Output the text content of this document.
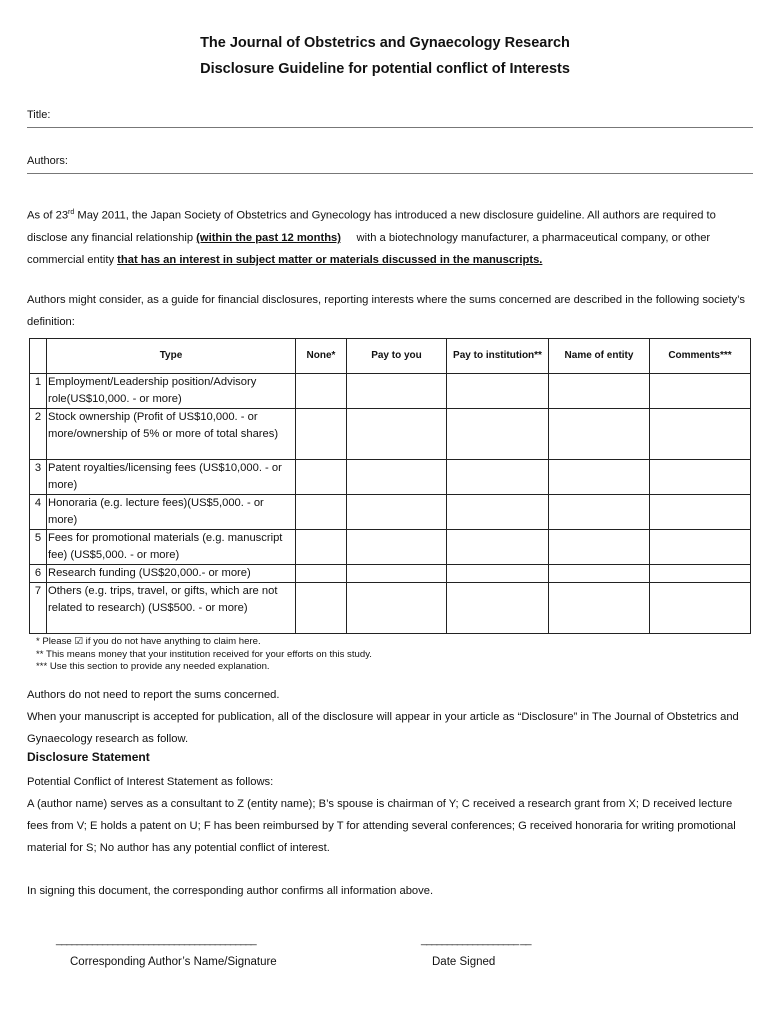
The Journal of Obstetrics and Gynaecology Research
Disclosure Guideline for potential conflict of Interests
Title:
Authors:
As of 23rd May 2011, the Japan Society of Obstetrics and Gynecology has introduced a new disclosure guideline. All authors are required to disclose any financial relationship (within the past 12 months)     with a biotechnology manufacturer, a pharmaceutical company, or other commercial entity that has an interest in subject matter or materials discussed in the manuscripts.
Authors might consider, as a guide for financial disclosures, reporting interests where the sums concerned are described in the following society’s definition:
	Type	None*	Pay to you	Pay to institution**	Name of entity	Comments***
1	Employment/Leadership position/Advisory role(US$10,000. - or more)					
2	Stock ownership (Profit of US$10,000. - or more/ownership of 5% or more of total shares)					
3	Patent royalties/licensing fees (US$10,000. - or more)					
4	Honoraria (e.g. lecture fees)(US$5,000. - or more)					
5	Fees for promotional materials (e.g. manuscript fee) (US$5,000. - or more)					
6	Research funding (US$20,000.- or more)					
7	Others (e.g. trips, travel, or gifts, which are not related to research) (US$500. - or more)					
* Please ☑ if you do not have anything to claim here.
** This means money that your institution received for your efforts on this study.
*** Use this section to provide any needed explanation.
Authors do not need to report the sums concerned.
When your manuscript is accepted for publication, all of the disclosure will appear in your article as “Disclosure” in The Journal of Obstetrics and Gynaecology research as follow.
Disclosure Statement
Potential Conflict of Interest Statement as follows:
A (author name) serves as a consultant to Z (entity name); B’s spouse is chairman of Y; C received a research grant from X; D received lecture fees from V; E holds a patent on U; F has been reimbursed by T for attending several conferences; G received honoraria for writing promotional material for S; No author has any potential conflict of interest.
In signing this document, the corresponding author confirms all information above.
_______________________________________	___________________ __
Corresponding Author’s Name/Signature	Date Signed
